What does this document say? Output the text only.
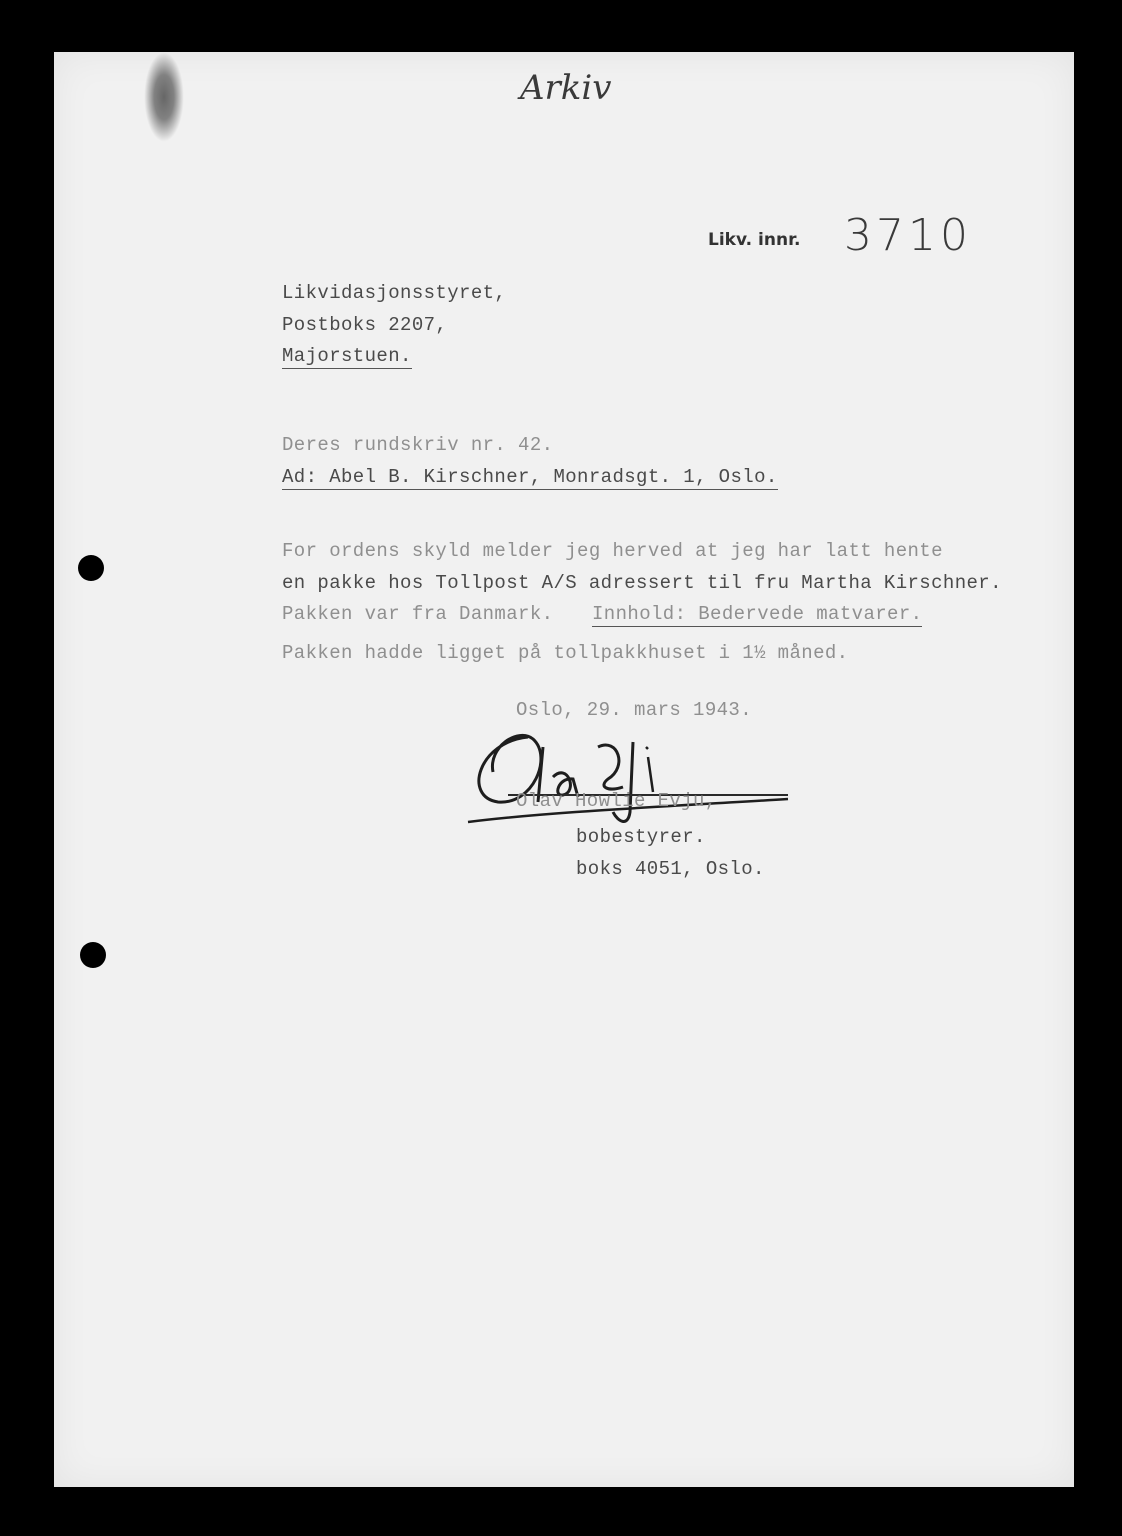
Arkiv
Likv. innr. 3710
Likvidasjonsstyret,
Postboks 2207,
Majorstuen.
Deres rundskriv nr. 42.
Ad: Abel B. Kirschner, Monradsgt. 1, Oslo.
For ordens skyld melder jeg herved at jeg har latt hente
en pakke hos Tollpost A/S adressert til fru Martha Kirschner.
Pakken var fra Danmark. Innhold: Bedervede matvarer.
Pakken hadde ligget på tollpakkhuset i 1½ måned.
Oslo, 29. mars 1943.
Olav Howlie Evju,
bobestyrer.
boks 4051, Oslo.
